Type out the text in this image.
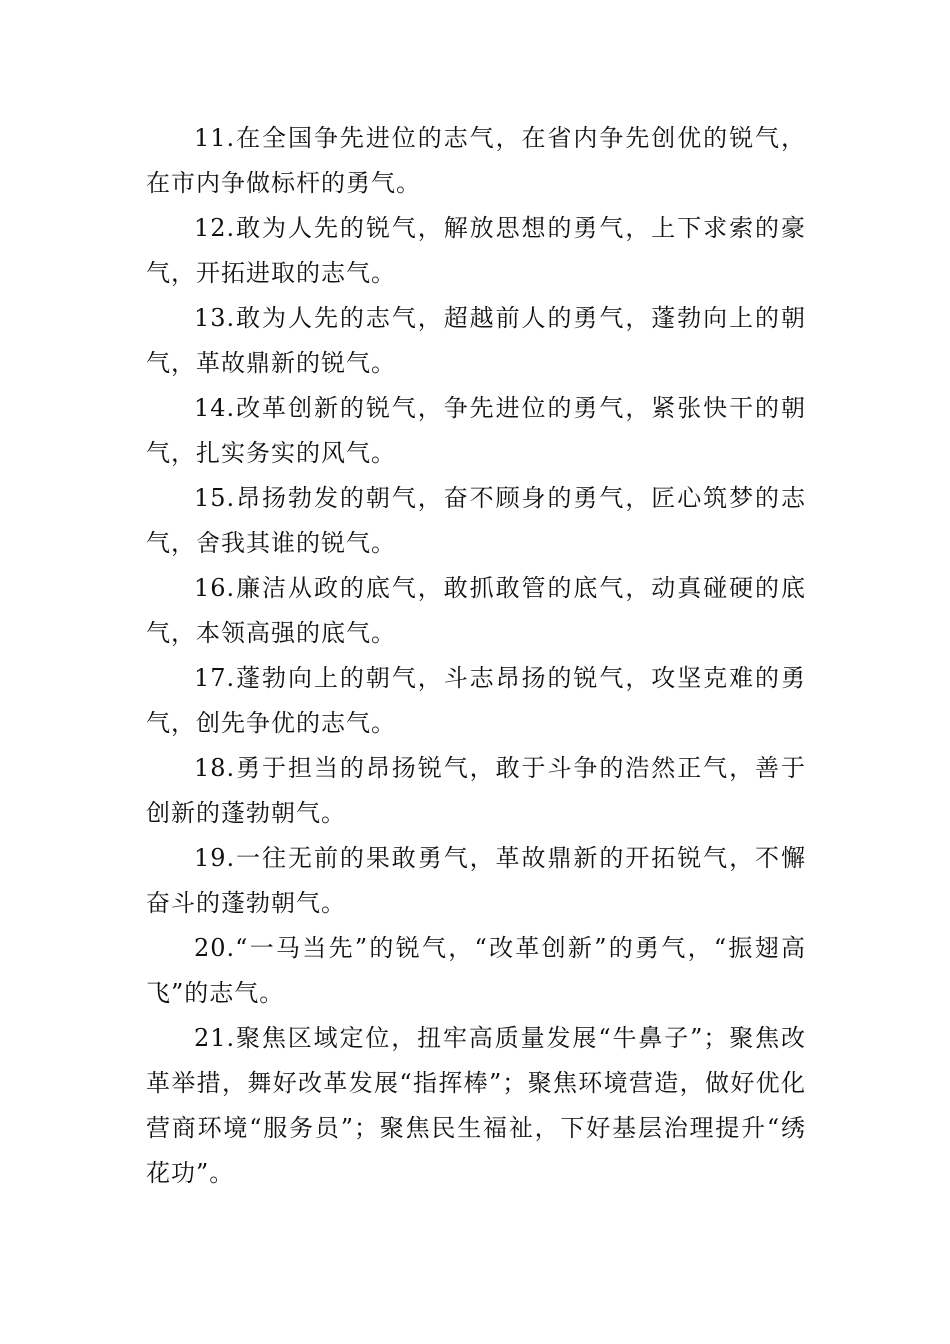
11.在全国争先进位的志气，在省内争先创优的锐气，在市内争做标杆的勇气。

12.敢为人先的锐气，解放思想的勇气，上下求索的豪气，开拓进取的志气。

13.敢为人先的志气，超越前人的勇气，蓬勃向上的朝气，革故鼎新的锐气。

14.改革创新的锐气，争先进位的勇气，紧张快干的朝气，扎实务实的风气。

15.昂扬勃发的朝气，奋不顾身的勇气，匠心筑梦的志气，舍我其谁的锐气。

16.廉洁从政的底气，敢抓敢管的底气，动真碰硬的底气，本领高强的底气。

17.蓬勃向上的朝气，斗志昂扬的锐气，攻坚克难的勇气，创先争优的志气。

18.勇于担当的昂扬锐气，敢于斗争的浩然正气，善于创新的蓬勃朝气。

19.一往无前的果敢勇气，革故鼎新的开拓锐气，不懈奋斗的蓬勃朝气。

20.“一马当先”的锐气，“改革创新”的勇气，“振翅高飞”的志气。

21.聚焦区域定位，扭牢高质量发展“牛鼻子”；聚焦改革举措，舞好改革发展“指挥棒”；聚焦环境营造，做好优化营商环境“服务员”；聚焦民生福祉，下好基层治理提升“绣花功”。
